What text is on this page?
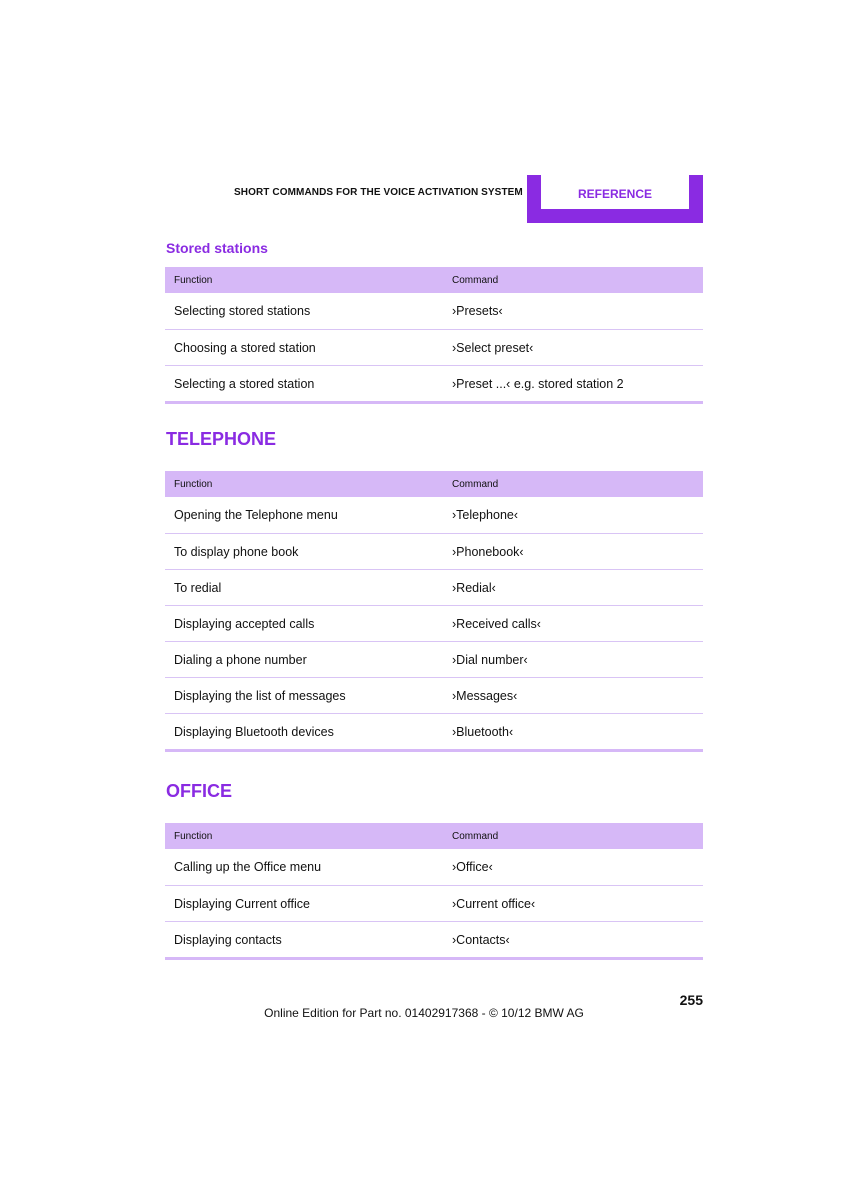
SHORT COMMANDS FOR THE VOICE ACTIVATION SYSTEM	REFERENCE
Stored stations
Function	Command
Selecting stored stations	›Presets‹
Choosing a stored station	›Select preset‹
Selecting a stored station	›Preset ...‹ e.g. stored station 2
TELEPHONE
Function	Command
Opening the Telephone menu	›Telephone‹
To display phone book	›Phonebook‹
To redial	›Redial‹
Displaying accepted calls	›Received calls‹
Dialing a phone number	›Dial number‹
Displaying the list of messages	›Messages‹
Displaying Bluetooth devices	›Bluetooth‹
OFFICE
Function	Command
Calling up the Office menu	›Office‹
Displaying Current office	›Current office‹
Displaying contacts	›Contacts‹
255
Online Edition for Part no. 01402917368 - © 10/12 BMW AG
